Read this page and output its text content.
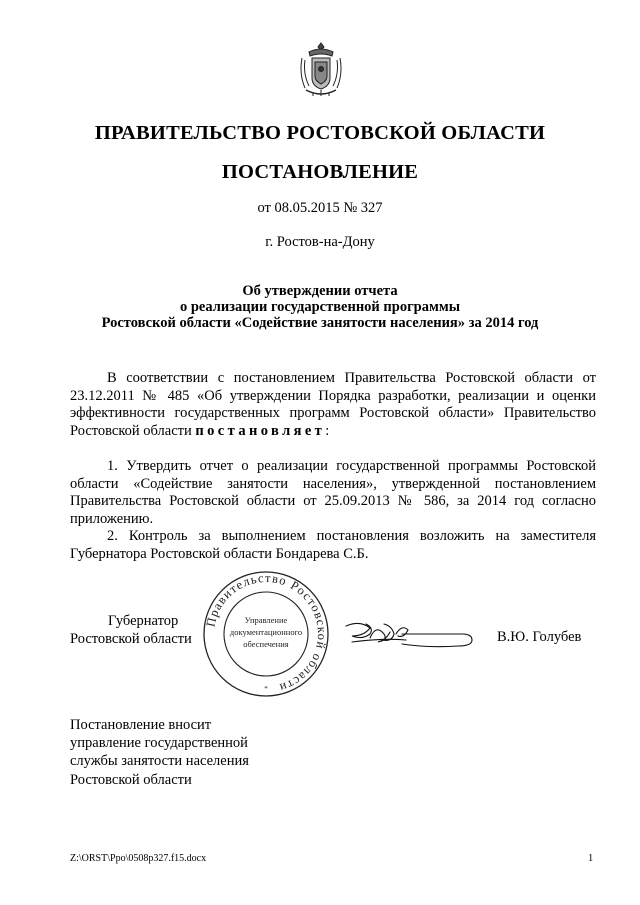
ПРАВИТЕЛЬСТВО РОСТОВСКОЙ ОБЛАСТИ
ПОСТАНОВЛЕНИЕ
от 08.05.2015 № 327
г. Ростов-на-Дону
Об утверждении отчета
о реализации государственной программы
Ростовской области «Содействие занятости населения» за 2014 год

В соответствии с постановлением Правительства Ростовской области от 23.12.2011 № 485 «Об утверждении Порядка разработки, реализации и оценки эффективности государственных программ Ростовской области» Правительство Ростовской области постановляет:

1. Утвердить отчет о реализации государственной программы Ростовской области «Содействие занятости населения», утвержденной постановлением Правительства Ростовской области от 25.09.2013 № 586, за 2014 год согласно приложению.

2. Контроль за выполнением постановления возложить на заместителя Губернатора Ростовской области Бондарева С.Б.

Губернатор
Ростовской области
Правительство Ростовской области
Управление
документационного
обеспечения
*
В.Ю. Голубев
Постановление вносит
управление государственной
службы занятости населения
Ростовской области
Z:\ORST\Ppo\0508p327.f15.docx	1
